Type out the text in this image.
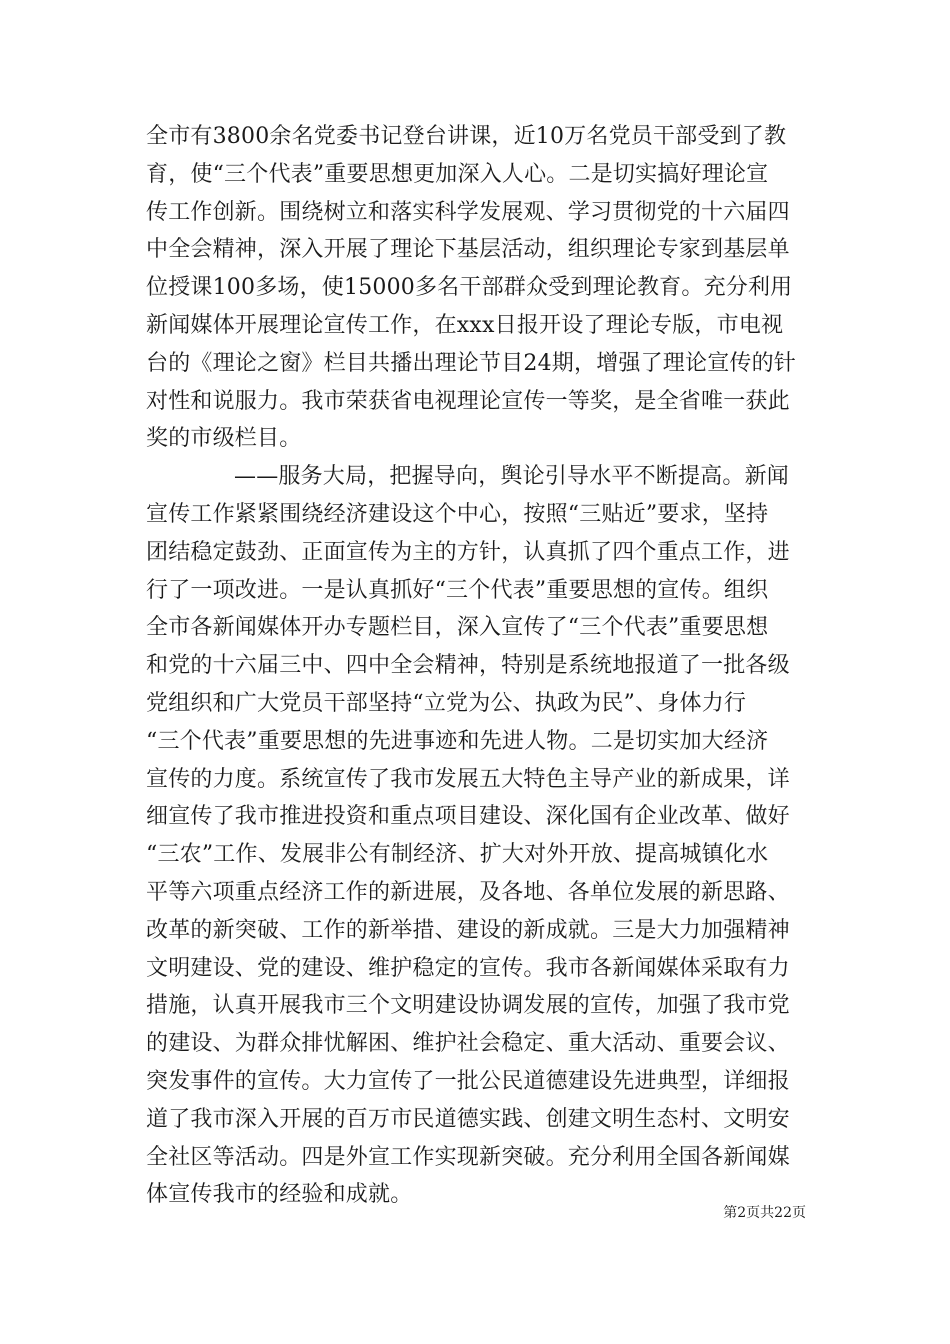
全市有3800余名党委书记登台讲课，近10万名党员干部受到了教
育，使“三个代表”重要思想更加深入人心。二是切实搞好理论宣
传工作创新。围绕树立和落实科学发展观、学习贯彻党的十六届四
中全会精神，深入开展了理论下基层活动，组织理论专家到基层单
位授课100多场，使15000多名干部群众受到理论教育。充分利用
新闻媒体开展理论宣传工作，在xxx日报开设了理论专版，市电视
台的《理论之窗》栏目共播出理论节目24期，增强了理论宣传的针
对性和说服力。我市荣获省电视理论宣传一等奖，是全省唯一获此
奖的市级栏目。
——服务大局，把握导向，舆论引导水平不断提高。新闻
宣传工作紧紧围绕经济建设这个中心，按照“三贴近”要求，坚持
团结稳定鼓劲、正面宣传为主的方针，认真抓了四个重点工作，进
行了一项改进。一是认真抓好“三个代表”重要思想的宣传。组织
全市各新闻媒体开办专题栏目，深入宣传了“三个代表”重要思想
和党的十六届三中、四中全会精神，特别是系统地报道了一批各级
党组织和广大党员干部坚持“立党为公、执政为民”、身体力行
“三个代表”重要思想的先进事迹和先进人物。二是切实加大经济
宣传的力度。系统宣传了我市发展五大特色主导产业的新成果，详
细宣传了我市推进投资和重点项目建设、深化国有企业改革、做好
“三农”工作、发展非公有制经济、扩大对外开放、提高城镇化水
平等六项重点经济工作的新进展，及各地、各单位发展的新思路、
改革的新突破、工作的新举措、建设的新成就。三是大力加强精神
文明建设、党的建设、维护稳定的宣传。我市各新闻媒体采取有力
措施，认真开展我市三个文明建设协调发展的宣传，加强了我市党
的建设、为群众排忧解困、维护社会稳定、重大活动、重要会议、
突发事件的宣传。大力宣传了一批公民道德建设先进典型，详细报
道了我市深入开展的百万市民道德实践、创建文明生态村、文明安
全社区等活动。四是外宣工作实现新突破。充分利用全国各新闻媒
体宣传我市的经验和成就。
第2页共22页
